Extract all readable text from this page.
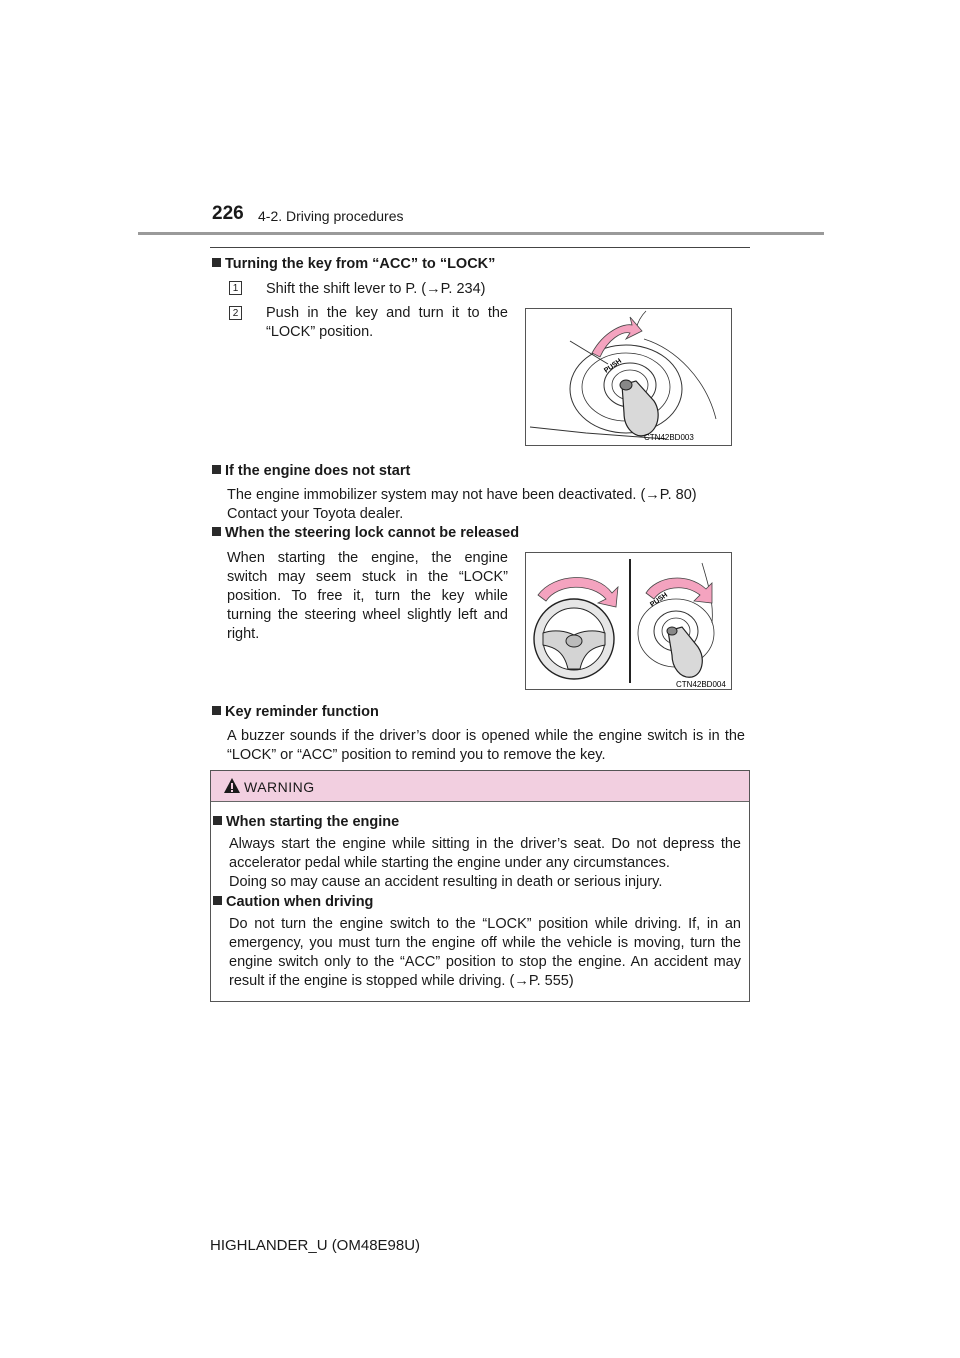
226 4-2. Driving procedures
Turning the key from “ACC” to “LOCK”
1 Shift the shift lever to P. (→P. 234)
2 Push in the key and turn it to the “LOCK” position.
PUSH
CTN42BD003
If the engine does not start
The engine immobilizer system may not have been deactivated. (→P. 80)
Contact your Toyota dealer.
When the steering lock cannot be released
When starting the engine, the engine switch may seem stuck in the “LOCK” position. To free it, turn the key while turning the steering wheel slightly left and right.
PUSH
CTN42BD004
Key reminder function
A buzzer sounds if the driver’s door is opened while the engine switch is in the “LOCK” or “ACC” position to remind you to remove the key.
WARNING
When starting the engine
Always start the engine while sitting in the driver’s seat. Do not depress the accelerator pedal while starting the engine under any circumstances.
Doing so may cause an accident resulting in death or serious injury.
Caution when driving
Do not turn the engine switch to the “LOCK” position while driving. If, in an emergency, you must turn the engine off while the vehicle is moving, turn the engine switch only to the “ACC” position to stop the engine. An accident may result if the engine is stopped while driving. (→P. 555)
HIGHLANDER_U (OM48E98U)
